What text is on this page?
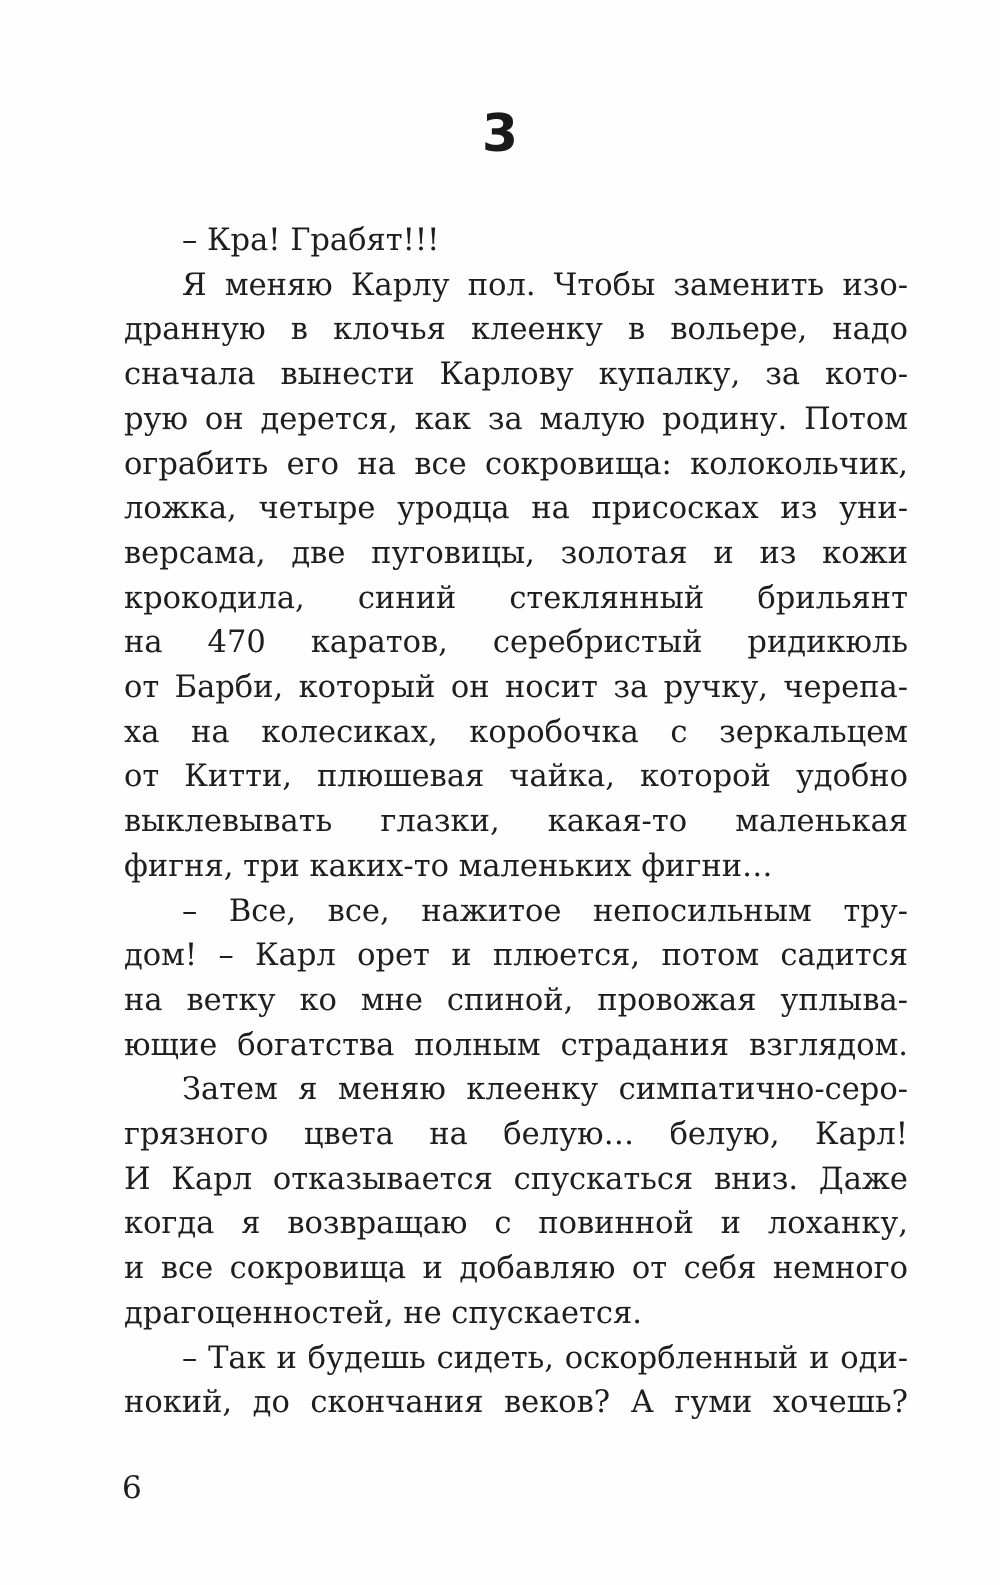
3

– Кра! Грабят!!!

Я меняю Карлу пол. Чтобы заменить изо-
дранную в клочья клеенку в вольере, надо
сначала вынести Карлову купалку, за кото-
рую он дерется, как за малую родину. Потом
ограбить его на все сокровища: колокольчик,
ложка, четыре уродца на присосках из уни-
версама, две пуговицы, золотая и из кожи
крокодила, синий стеклянный брильянт
на 470 каратов, серебристый ридикюль
от Барби, который он носит за ручку, черепа-
ха на колесиках, коробочка с зеркальцем
от Китти, плюшевая чайка, которой удобно
выклевывать глазки, какая-то маленькая
фигня, три каких-то маленьких фигни…

– Все, все, нажитое непосильным тру-
дом! – Карл орет и плюется, потом садится
на ветку ко мне спиной, провожая уплыва-
ющие богатства полным страдания взглядом.

Затем я меняю клеенку симпатично-серо-
грязного цвета на белую… белую, Карл!
И Карл отказывается спускаться вниз. Даже
когда я возвращаю с повинной и лоханку,
и все сокровища и добавляю от себя немного
драгоценностей, не спускается.

– Так и будешь сидеть, оскорбленный и оди-
нокий, до скончания веков? А гуми хочешь?

6
